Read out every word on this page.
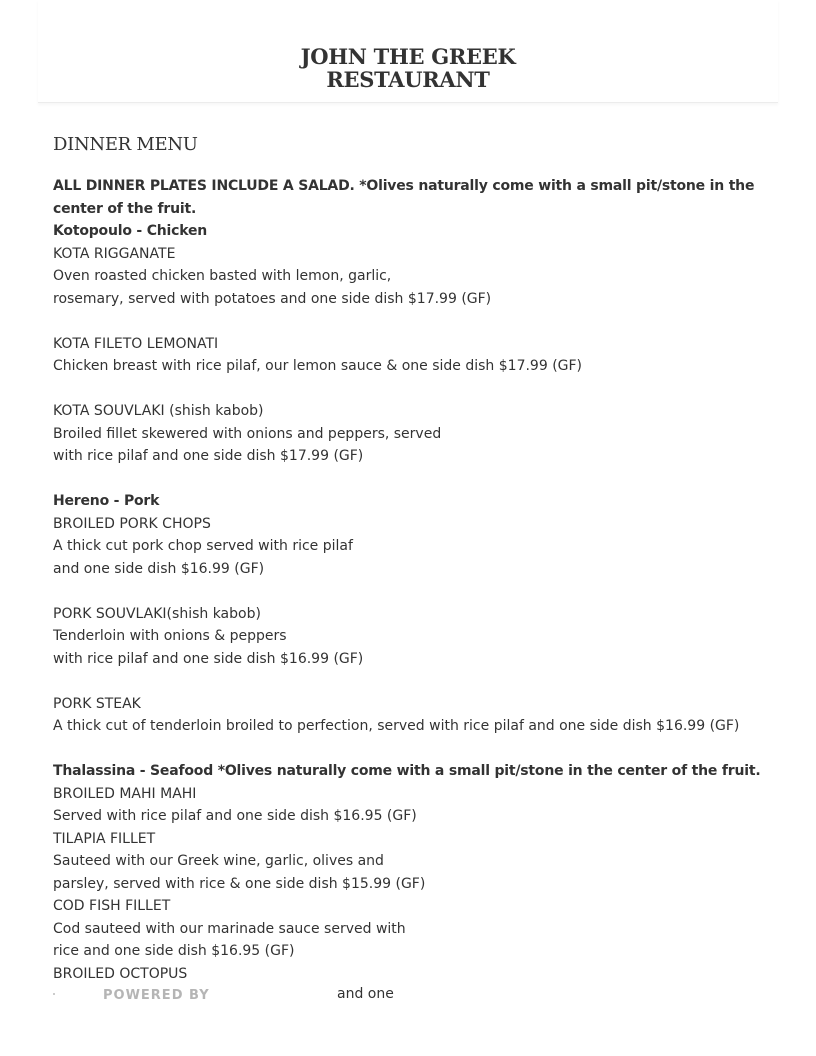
JOHN THE GREEK
RESTAURANT
DINNER MENU
ALL DINNER PLATES INCLUDE A SALAD. *Olives naturally come with a small pit/stone in the center of the fruit.
Kotopoulo - Chicken
KOTA RIGGANATE
Oven roasted chicken basted with lemon, garlic,
rosemary, served with potatoes and one side dish $17.99 (GF)
KOTA FILETO LEMONATI
Chicken breast with rice pilaf, our lemon sauce & one side dish $17.99 (GF)
KOTA SOUVLAKI (shish kabob)
Broiled fillet skewered with onions and peppers, served
with rice pilaf and one side dish $17.99 (GF)
Hereno - Pork
BROILED PORK CHOPS
A thick cut pork chop served with rice pilaf
and one side dish $16.99 (GF)
PORK SOUVLAKI(shish kabob)
Tenderloin with onions & peppers
with rice pilaf and one side dish $16.99 (GF)
PORK STEAK
A thick cut of tenderloin broiled to perfection, served with rice pilaf and one side dish $16.99 (GF)
Thalassina - Seafood *Olives naturally come with a small pit/stone in the center of the fruit.
BROILED MAHI MAHI
Served with rice pilaf and one side dish $16.95 (GF)
TILAPIA FILLET
Sauteed with our Greek wine, garlic, olives and
parsley, served with rice & one side dish $15.99 (GF)
COD FISH FILLET
Cod sauteed with our marinade sauce served with
rice and one side dish $16.95 (GF)
BROILED OCTOPUS
POWERED BY	and one
